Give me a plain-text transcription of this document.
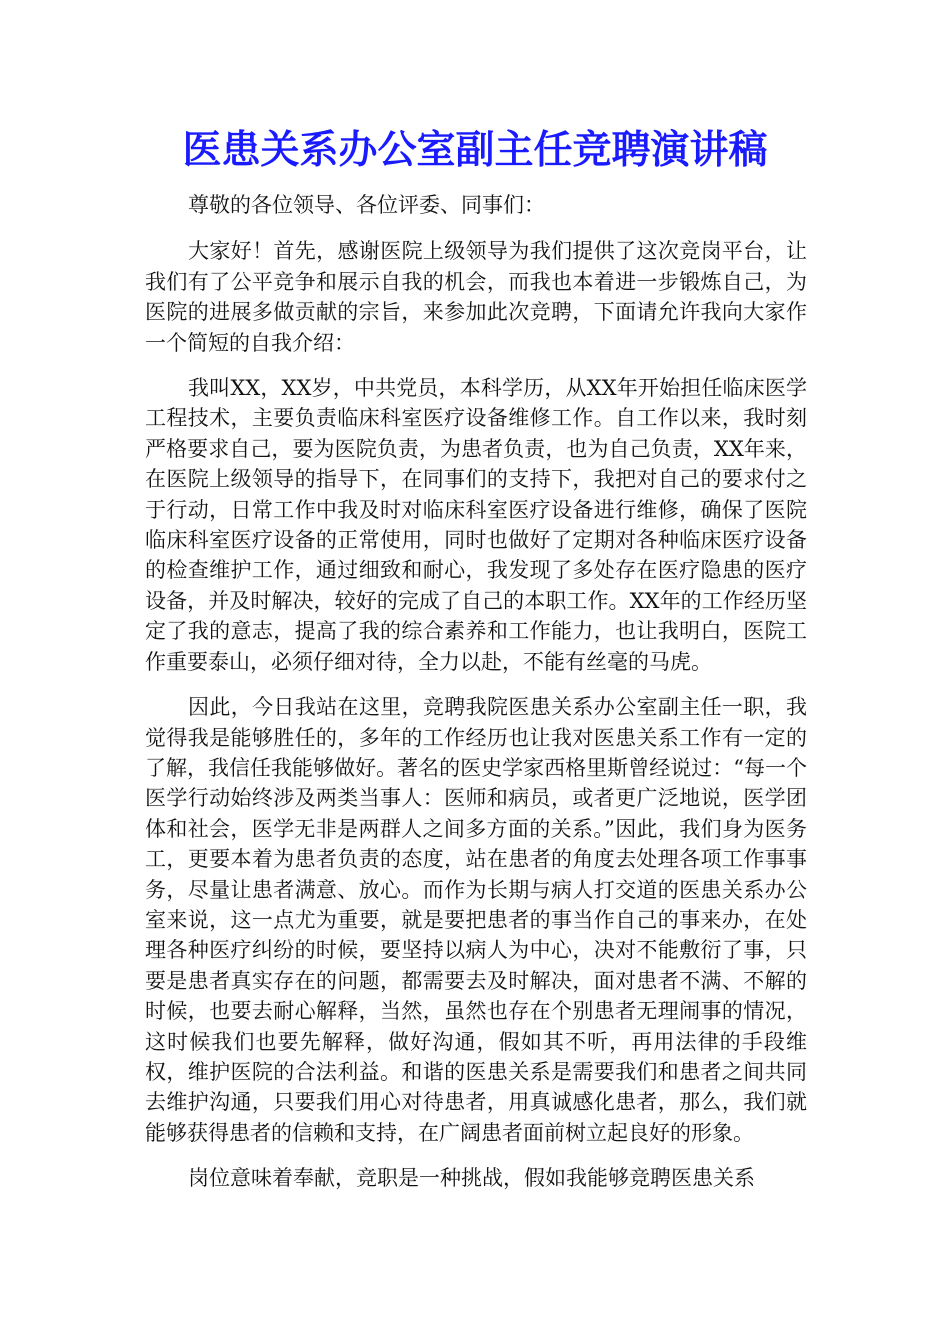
医患关系办公室副主任竞聘演讲稿

尊敬的各位领导、各位评委、同事们：

大家好！首先，感谢医院上级领导为我们提供了这次竞岗平台，让我们有了公平竞争和展示自我的机会，而我也本着进一步锻炼自己，为医院的进展多做贡献的宗旨，来参加此次竞聘，下面请允许我向大家作一个简短的自我介绍：

我叫XX，XX岁，中共党员，本科学历，从XX年开始担任临床医学工程技术，主要负责临床科室医疗设备维修工作。自工作以来，我时刻严格要求自己，要为医院负责，为患者负责，也为自己负责，XX年来，在医院上级领导的指导下，在同事们的支持下，我把对自己的要求付之于行动，日常工作中我及时对临床科室医疗设备进行维修，确保了医院临床科室医疗设备的正常使用，同时也做好了定期对各种临床医疗设备的检查维护工作，通过细致和耐心，我发现了多处存在医疗隐患的医疗设备，并及时解决，较好的完成了自己的本职工作。XX年的工作经历坚定了我的意志，提高了我的综合素养和工作能力，也让我明白，医院工作重要泰山，必须仔细对待，全力以赴，不能有丝毫的马虎。

因此，今日我站在这里，竞聘我院医患关系办公室副主任一职，我觉得我是能够胜任的，多年的工作经历也让我对医患关系工作有一定的了解，我信任我能够做好。著名的医史学家西格里斯曾经说过：“每一个医学行动始终涉及两类当事人：医师和病员，或者更广泛地说，医学团体和社会，医学无非是两群人之间多方面的关系。”因此，我们身为医务工，更要本着为患者负责的态度，站在患者的角度去处理各项工作事事务，尽量让患者满意、放心。而作为长期与病人打交道的医患关系办公室来说，这一点尤为重要，就是要把患者的事当作自己的事来办，在处理各种医疗纠纷的时候，要坚持以病人为中心，决对不能敷衍了事，只要是患者真实存在的问题，都需要去及时解决，面对患者不满、不解的时候，也要去耐心解释，当然，虽然也存在个别患者无理闹事的情况，这时候我们也要先解释，做好沟通，假如其不听，再用法律的手段维权，维护医院的合法利益。和谐的医患关系是需要我们和患者之间共同去维护沟通，只要我们用心对待患者，用真诚感化患者，那么，我们就能够获得患者的信赖和支持，在广阔患者面前树立起良好的形象。

岗位意味着奉献，竞职是一种挑战，假如我能够竞聘医患关系
